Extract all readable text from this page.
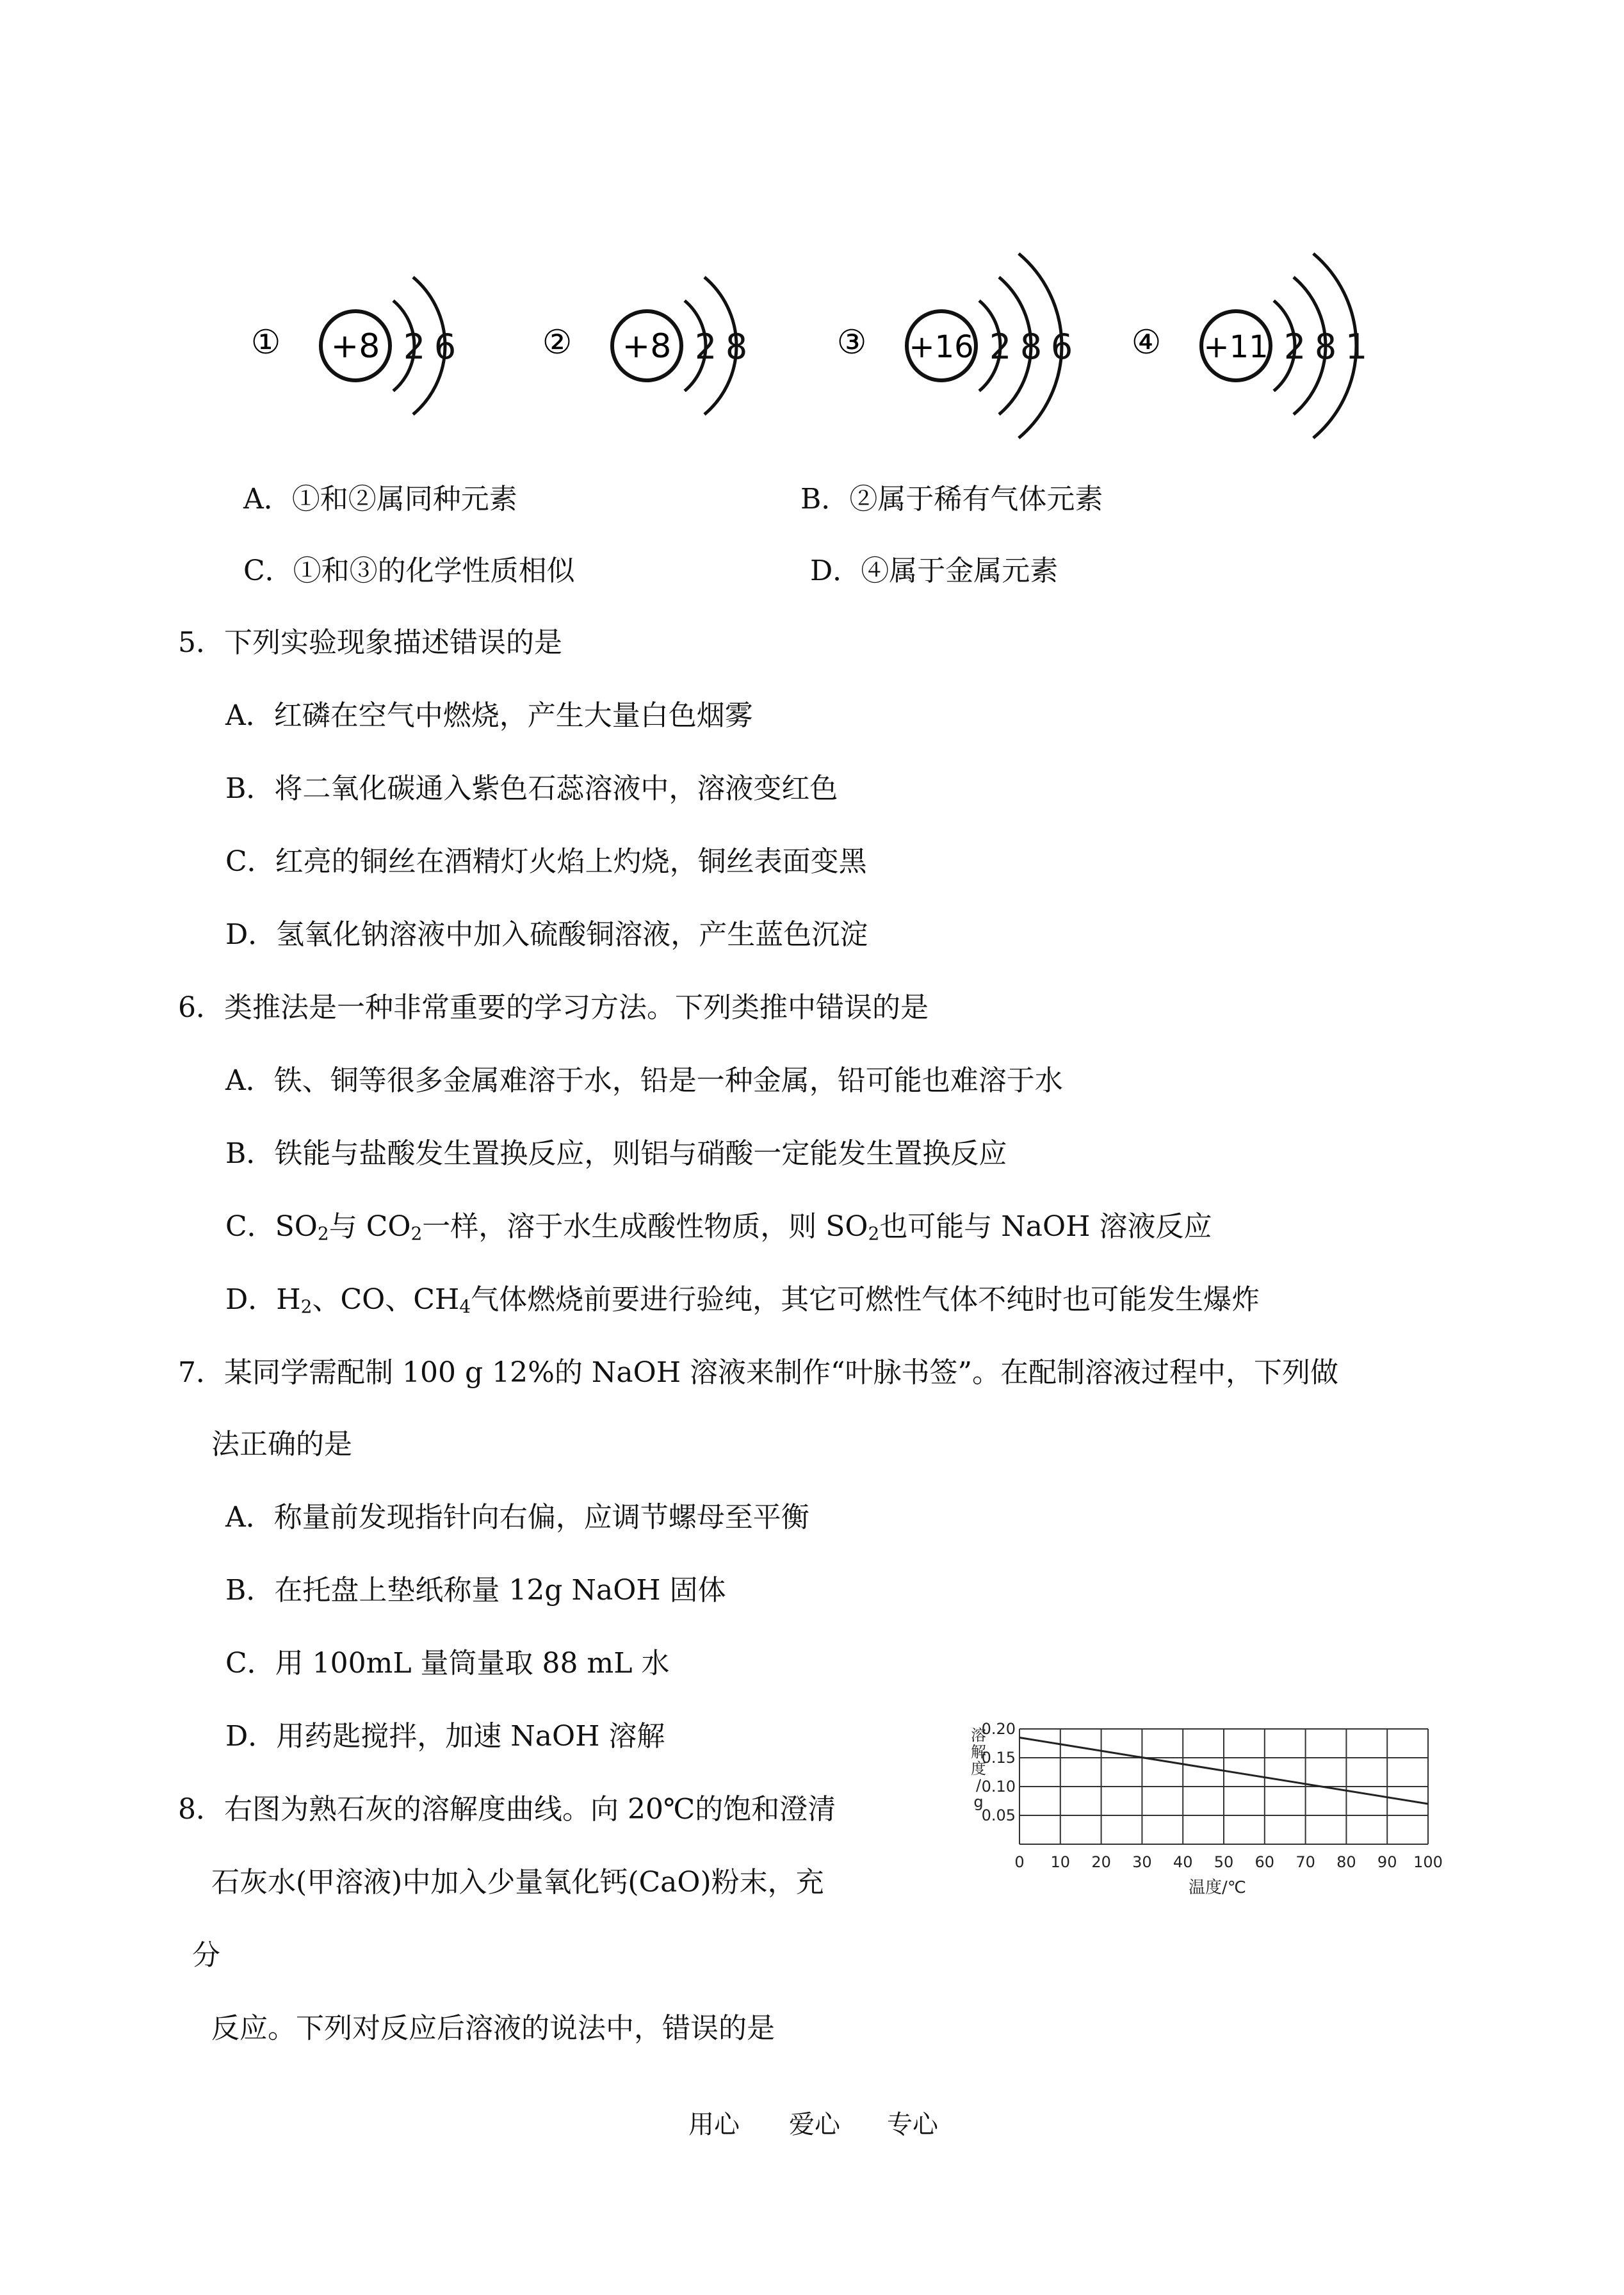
① +8 2 6	② +8 2 8	③ +16 2 8 6 ④ +11 2 8 1
A．①和②属同种元素	B．②属于稀有气体元素
C．①和③的化学性质相似	D．④属于金属元素
5．下列实验现象描述错误的是
A．红磷在空气中燃烧，产生大量白色烟雾
B．将二氧化碳通入紫色石蕊溶液中，溶液变红色
C．红亮的铜丝在酒精灯火焰上灼烧，铜丝表面变黑
D．氢氧化钠溶液中加入硫酸铜溶液，产生蓝色沉淀
6．类推法是一种非常重要的学习方法。下列类推中错误的是
A．铁、铜等很多金属难溶于水，铅是一种金属，铅可能也难溶于水
B．铁能与盐酸发生置换反应，则铝与硝酸一定能发生置换反应
C．$SO_2$与 $CO_2$一样，溶于水生成酸性物质，则 $SO_2$也可能与 NaOH 溶液反应
D．$H_2$、CO、$CH_4$气体燃烧前要进行验纯，其它可燃性气体不纯时也可能发生爆炸
7．某同学需配制 100 g 12%的 NaOH 溶液来制作“叶脉书签”。在配制溶液过程中，下列做
法正确的是
A．称量前发现指针向右偏，应调节螺母至平衡
B．在托盘上垫纸称量 12g NaOH 固体
C．用 100mL 量筒量取 88 mL 水
D．用药匙搅拌，加速 NaOH 溶解
8．右图为熟石灰的溶解度曲线。向 20℃的饱和澄清
石灰水(甲溶液)中加入少量氧化钙(CaO)粉末，充
分
反应。下列对反应后溶液的说法中，错误的是
0 10 20 30 40 50 60 70 80 90 100
0.05
0.10
0.15
0.20
溶解度/ g
温度/℃
用心 爱心 专心
